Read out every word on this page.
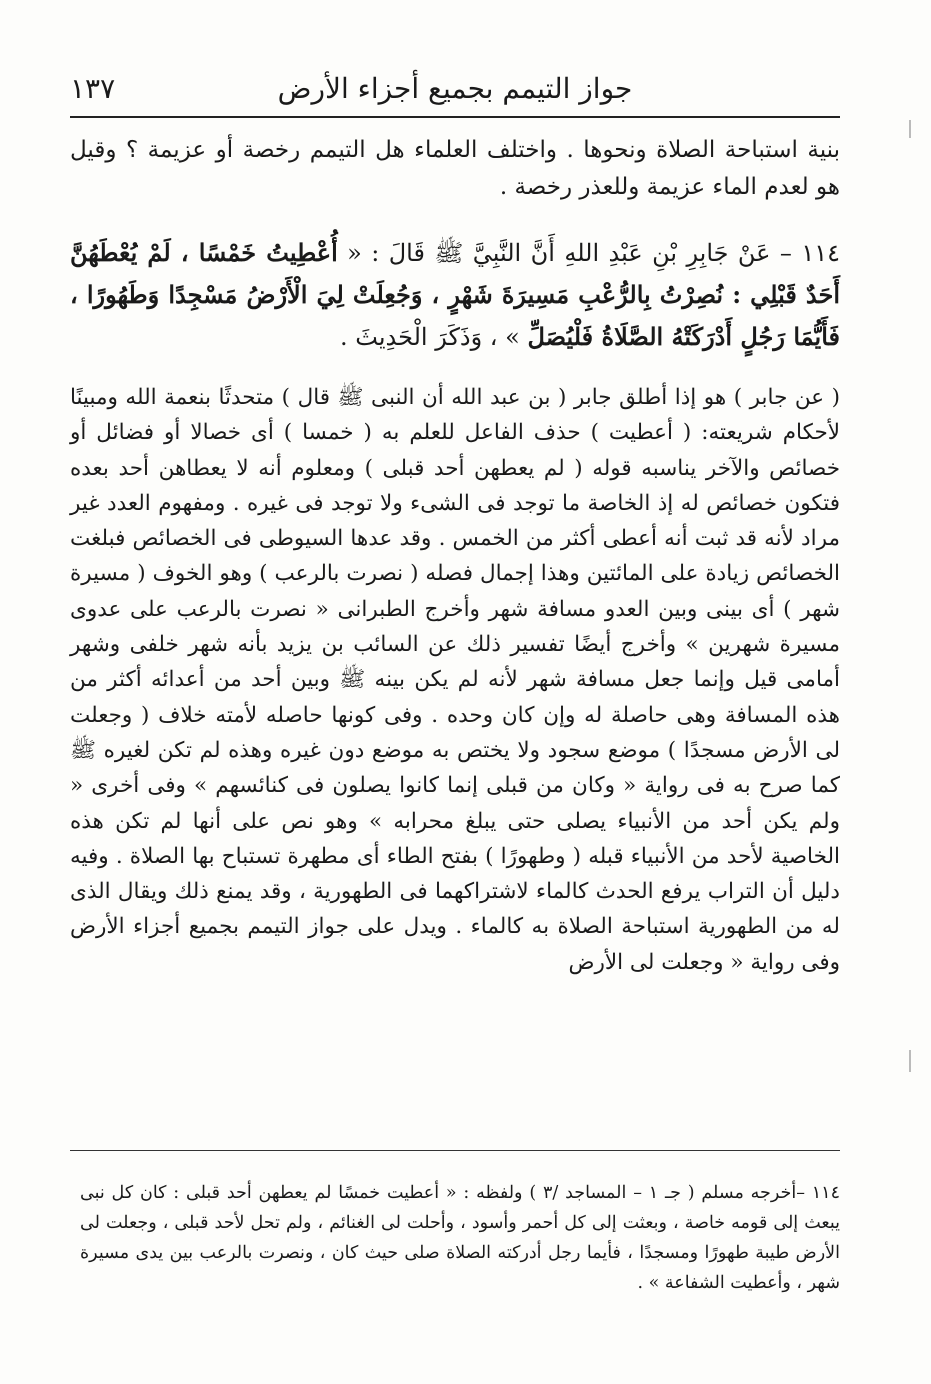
جواز التيمم بجميع أجزاء الأرض
١٣٧

بنية استباحة الصلاة ونحوها . واختلف العلماء هل التيمم رخصة أو عزيمة ؟ وقيل هو لعدم الماء عزيمة وللعذر رخصة .

١١٤ – عَنْ جَابِرِ بْنِ عَبْدِ اللهِ أَنَّ النَّبِيَّ ﷺ قَالَ : « أُعْطِيتُ خَمْسًا ، لَمْ يُعْطَهُنَّ أَحَدٌ قَبْلِي : نُصِرْتُ بِالرُّعْبِ مَسِيرَةَ شَهْرٍ ، وَجُعِلَتْ لِيَ الْأَرْضُ مَسْجِدًا وَطَهُورًا ، فَأَيُّمَا رَجُلٍ أَدْرَكَتْهُ الصَّلَاةُ فَلْيُصَلِّ » ، وَذَكَرَ الْحَدِيثَ .

( عن جابر ) هو إذا أطلق جابر ( بن عبد الله أن النبى ﷺ قال ) متحدثًا بنعمة الله ومبينًا لأحكام شريعته: ( أعطيت ) حذف الفاعل للعلم به ( خمسا ) أى خصالا أو فضائل أو خصائص والآخر يناسبه قوله ( لم يعطهن أحد قبلى ) ومعلوم أنه لا يعطاهن أحد بعده فتكون خصائص له إذ الخاصة ما توجد فى الشىء ولا توجد فى غيره . ومفهوم العدد غير مراد لأنه قد ثبت أنه أعطى أكثر من الخمس . وقد عدها السيوطى فى الخصائص فبلغت الخصائص زيادة على المائتين وهذا إجمال فصله ( نصرت بالرعب ) وهو الخوف ( مسيرة شهر ) أى بينى وبين العدو مسافة شهر وأخرج الطبرانى « نصرت بالرعب على عدوى مسيرة شهرين » وأخرج أيضًا تفسير ذلك عن السائب بن يزيد بأنه شهر خلفى وشهر أمامى قيل وإنما جعل مسافة شهر لأنه لم يكن بينه ﷺ وبين أحد من أعدائه أكثر من هذه المسافة وهى حاصلة له وإن كان وحده . وفى كونها حاصله لأمته خلاف ( وجعلت لى الأرض مسجدًا ) موضع سجود ولا يختص به موضع دون غيره وهذه لم تكن لغيره ﷺ كما صرح به فى رواية « وكان من قبلى إنما كانوا يصلون فى كنائسهم » وفى أخرى « ولم يكن أحد من الأنبياء يصلى حتى يبلغ محرابه » وهو نص على أنها لم تكن هذه الخاصية لأحد من الأنبياء قبله ( وطهورًا ) بفتح الطاء أى مطهرة تستباح بها الصلاة . وفيه دليل أن التراب يرفع الحدث كالماء لاشتراكهما فى الطهورية ، وقد يمنع ذلك ويقال الذى له من الطهورية استباحة الصلاة به كالماء . ويدل على جواز التيمم بجميع أجزاء الأرض وفى رواية « وجعلت لى الأرض

١١٤ –أخرجه مسلم ( جـ ١ – المساجد /٣ ) ولفظه : « أعطيت خمسًا لم يعطهن أحد قبلى : كان كل نبى يبعث إلى قومه خاصة ، وبعثت إلى كل أحمر وأسود ، وأحلت لى الغنائم ، ولم تحل لأحد قبلى ، وجعلت لى الأرض طيبة طهورًا ومسجدًا ، فأيما رجل أدركته الصلاة صلى حيث كان ، ونصرت بالرعب بين يدى مسيرة شهر ، وأعطيت الشفاعة » .
